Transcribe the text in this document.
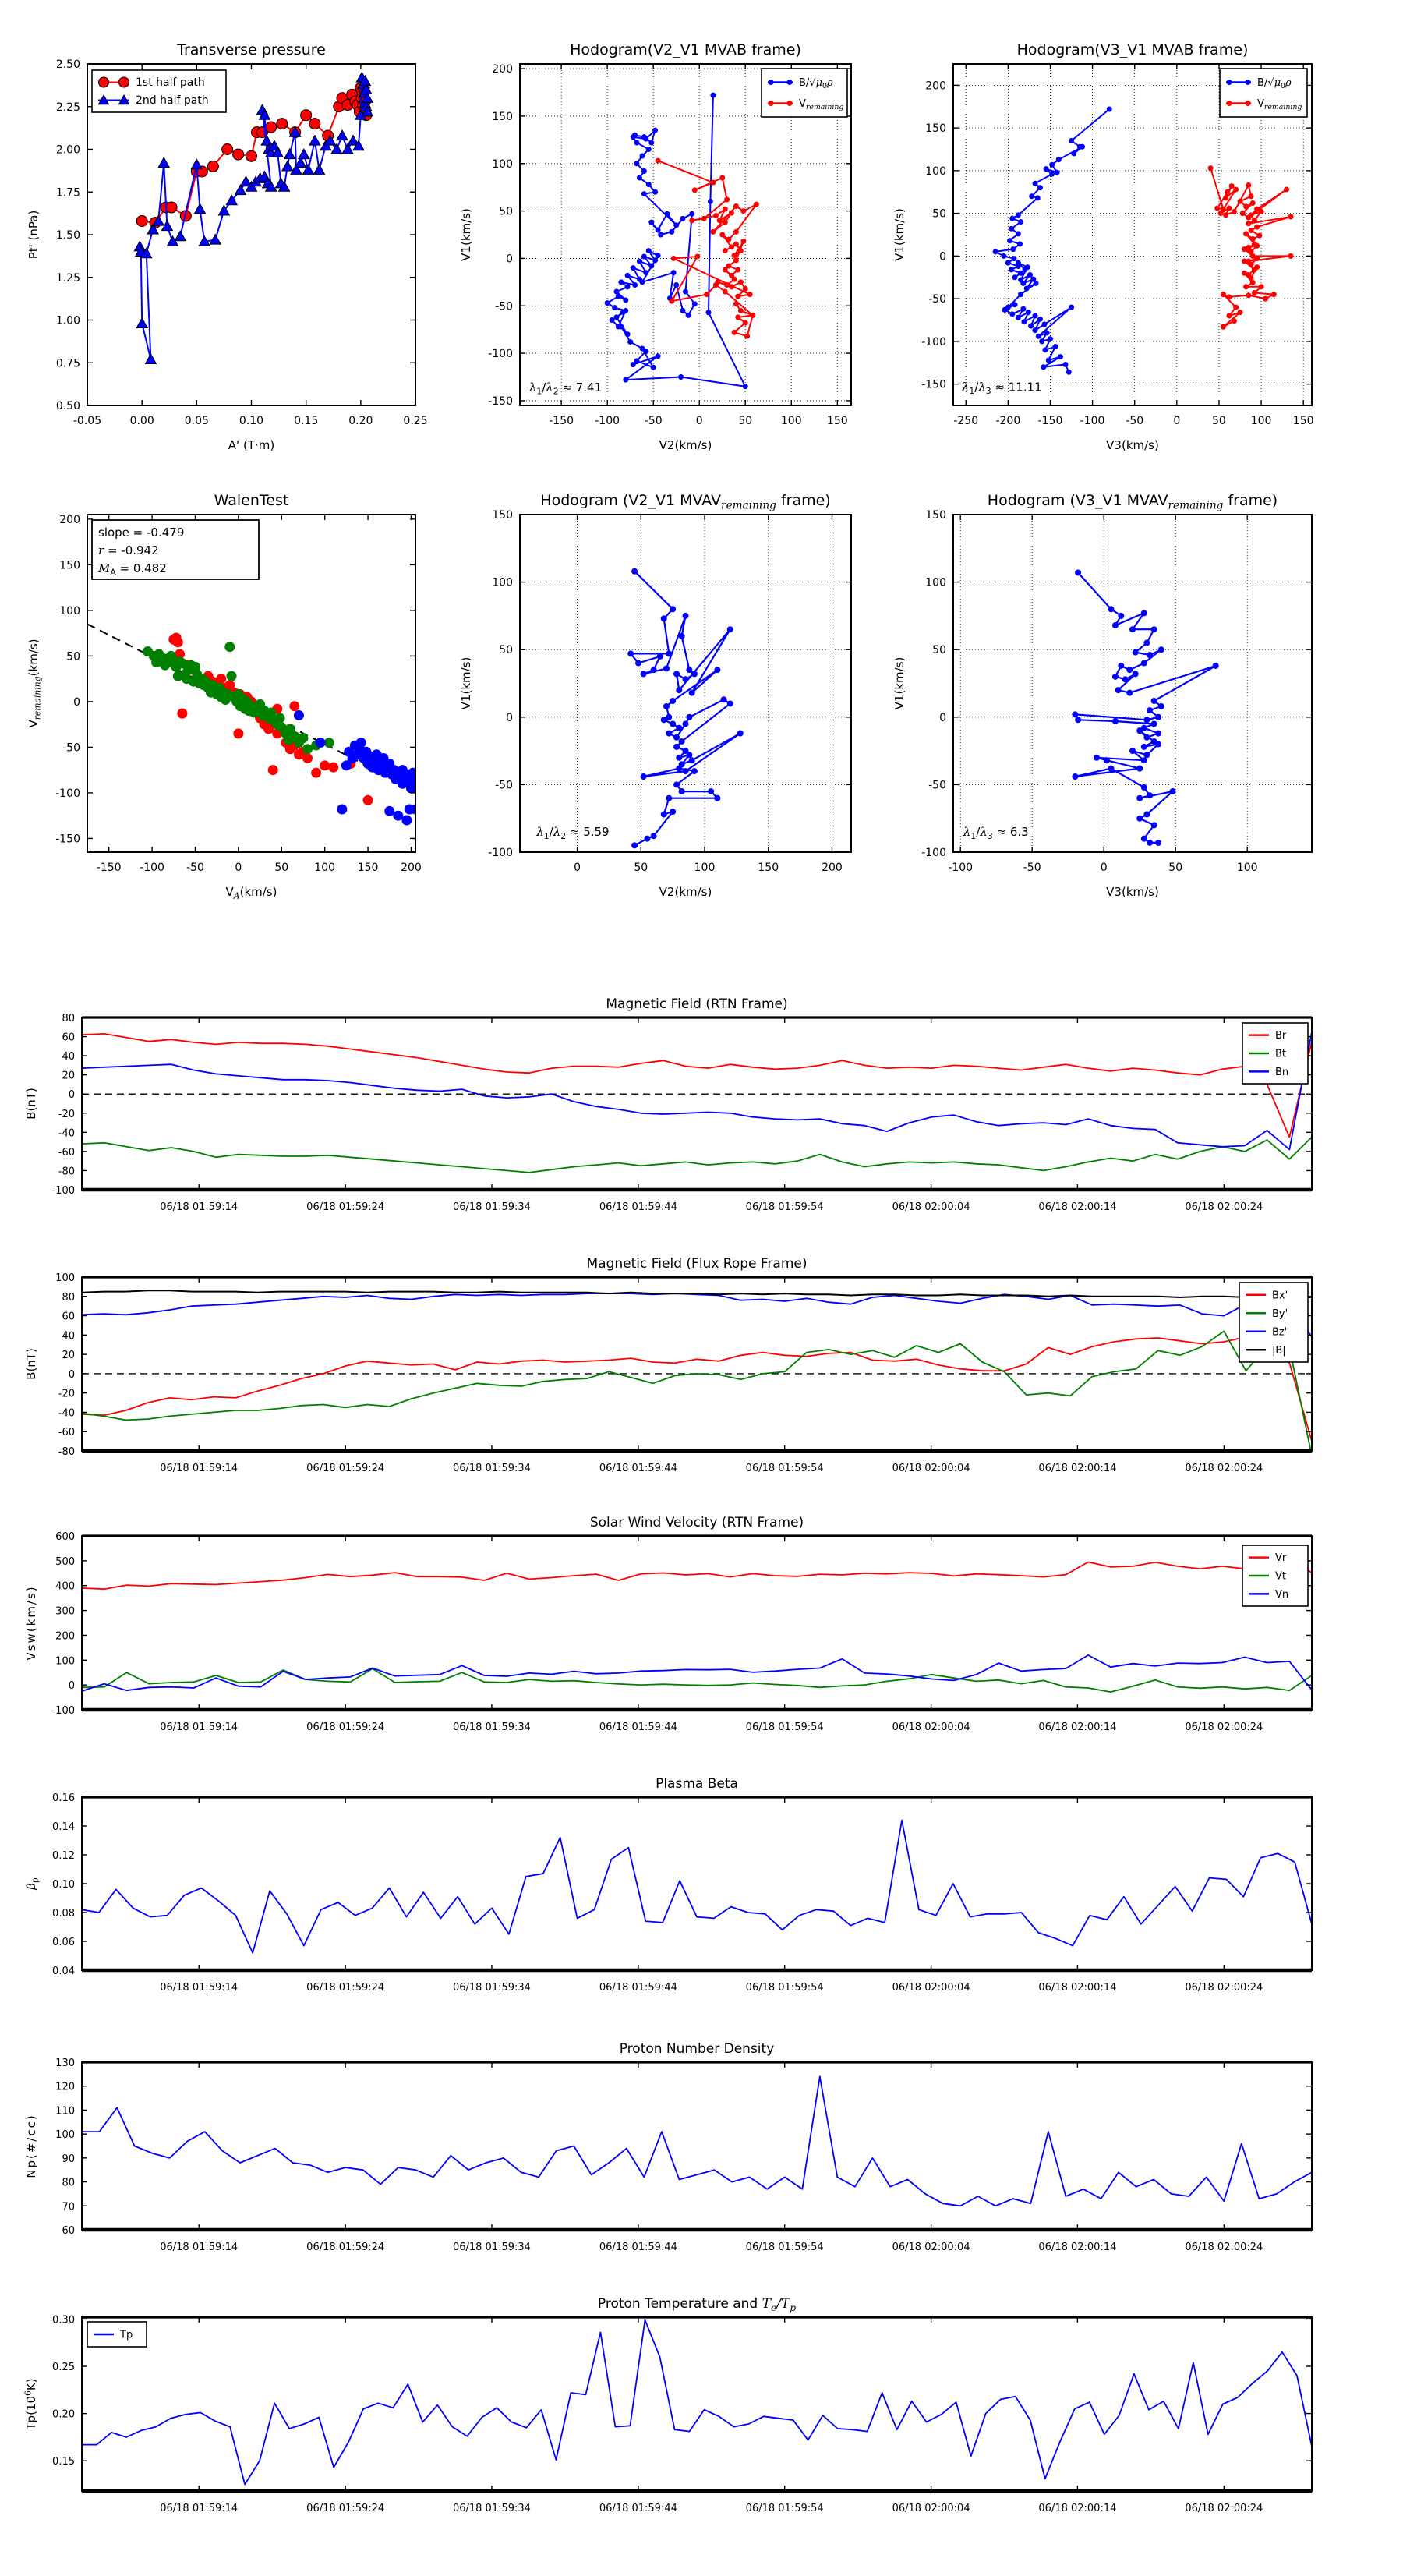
-0.05	0.00	0.05	0.10	0.15	0.20	0.25
0.50
0.75
1.00
1.25
1.50
1.75
2.00
2.25
2.50
Transverse pressure
A' (T·m)
Pt' (nPa)
1st half path
2nd half path
-150 -100 -50	0	50	100 150
-150
-100
-50
0
50
100
150
200
Hodogram(V2_V1 MVAB frame)
V2(km/s)
V1(km/s)
$B/√\mu_0\rho$
$V_{remaining}$
$\lambda_1/\lambda_2 \approx 7.41$
-250 -200 -150 -100 -50	0	50 100 150
-150
-100
-50
0
50
100
150
200
Hodogram(V3_V1 MVAB frame)
V3(km/s)
V1(km/s)
$B/√\mu_0\rho$
$V_{remaining}$
$\lambda_1/\lambda_3 \approx 11.11$
-150 -100 -50	0	50 100 150 200
-150
-100
-50
0
50
100
150
200
WalenTest
$V_A(km/s)$
$V_{remaining}(km/s)$
slope = -0.479
r = -0.942
$M_A = 0.482$
0	50	100	150	200
-100
-50
0
50
100
150
Hodogram (V2_V1 $MVAV_{remaining}$ frame)
V2(km/s)
V1(km/s)
$\lambda_1/\lambda_2 \approx 5.59$
-100	-50	0	50	100
-100
-50
0
50
100
150
Hodogram (V3_V1 $MVAV_{remaining}$ frame)
V3(km/s)
V1(km/s)
$\lambda_1/\lambda_3 \approx 6.3$
06/18 01:59:14	06/18 01:59:24	06/18 01:59:34	06/18 01:59:44	06/18 01:59:54	06/18 02:00:04	06/18 02:00:14	06/18 02:00:24
80
60
40
20
0
-20
-40
-60
-80
-100
Magnetic Field (RTN Frame)
B(nT)
Br
Bt
Bn
06/18 01:59:14	06/18 01:59:24	06/18 01:59:34	06/18 01:59:44	06/18 01:59:54	06/18 02:00:04	06/18 02:00:14	06/18 02:00:24
100
80
60
40
20
0
-20
-40
-60
-80
Magnetic Field (Flux Rope Frame)
B(nT)
Bx'
By'
Bz'
|B|
06/18 01:59:14	06/18 01:59:24	06/18 01:59:34	06/18 01:59:44	06/18 01:59:54	06/18 02:00:04	06/18 02:00:14	06/18 02:00:24
600
500
400
300
200
100
0
-100
Solar Wind Velocity (RTN Frame)
Vsw(km/s)
Vr
Vt
Vn
06/18 01:59:14	06/18 01:59:24	06/18 01:59:34	06/18 01:59:44	06/18 01:59:54	06/18 02:00:04	06/18 02:00:14	06/18 02:00:24
0.16
0.14
0.12
0.10
0.08
0.06
0.04
Plasma Beta
$\beta_p$
06/18 01:59:14	06/18 01:59:24	06/18 01:59:34	06/18 01:59:44	06/18 01:59:54	06/18 02:00:04	06/18 02:00:14	06/18 02:00:24
130
120
110
100
90
80
70
60
Proton Number Density
Np(#/cc)
06/18 01:59:14	06/18 01:59:24	06/18 01:59:34	06/18 01:59:44	06/18 01:59:54	06/18 02:00:04	06/18 02:00:14	06/18 02:00:24
0.30
0.25
0.20
0.15
Proton Temperature and $T_e/T_p$
$Tp(10^6K)$
Tp
